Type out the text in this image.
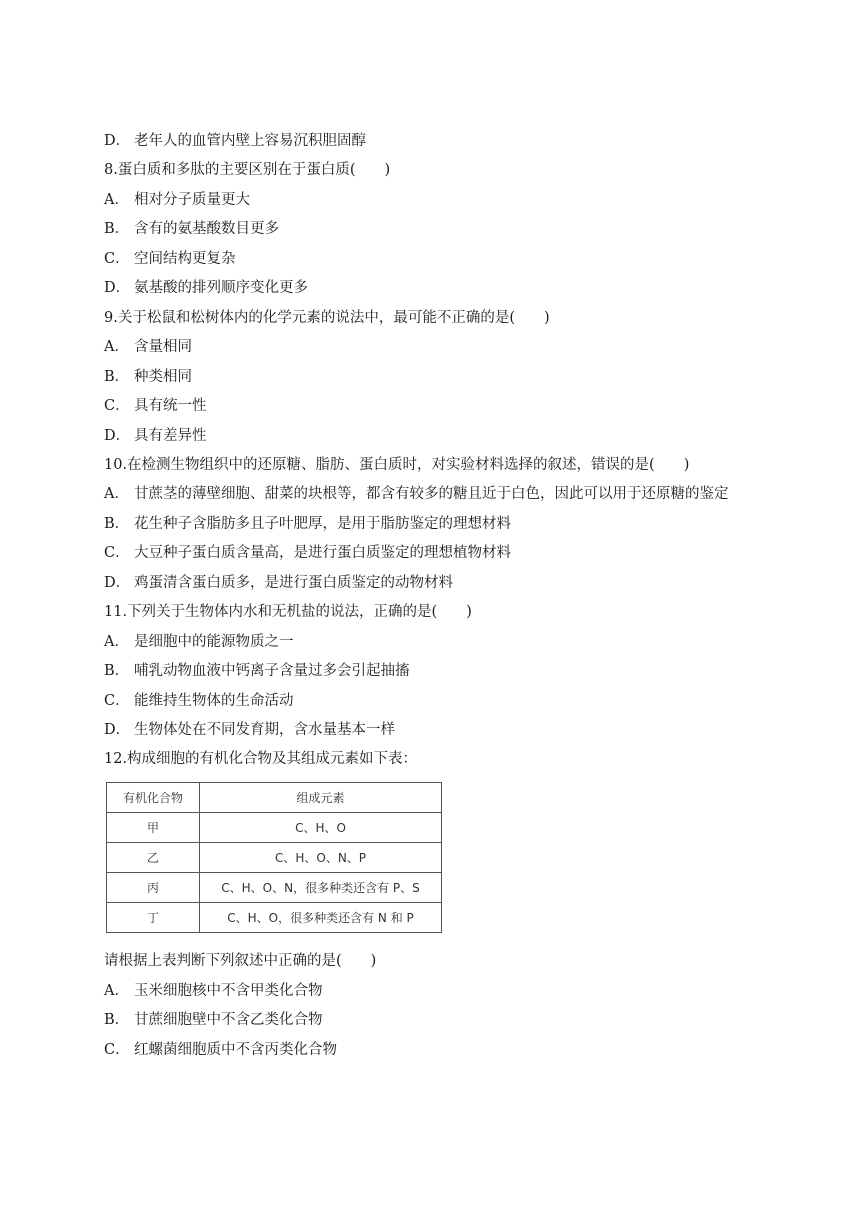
D． 老年人的血管内壁上容易沉积胆固醇
8.蛋白质和多肽的主要区别在于蛋白质(　　)
A． 相对分子质量更大
B． 含有的氨基酸数目更多
C． 空间结构更复杂
D． 氨基酸的排列顺序变化更多
9.关于松鼠和松树体内的化学元素的说法中，最可能不正确的是(　　)
A． 含量相同
B． 种类相同
C． 具有统一性
D． 具有差异性
10.在检测生物组织中的还原糖、脂肪、蛋白质时，对实验材料选择的叙述，错误的是(　　)
A． 甘蔗茎的薄壁细胞、甜菜的块根等，都含有较多的糖且近于白色，因此可以用于还原糖的鉴定
B． 花生种子含脂肪多且子叶肥厚，是用于脂肪鉴定的理想材料
C． 大豆种子蛋白质含量高，是进行蛋白质鉴定的理想植物材料
D． 鸡蛋清含蛋白质多，是进行蛋白质鉴定的动物材料
11.下列关于生物体内水和无机盐的说法，正确的是(　　)
A． 是细胞中的能源物质之一
B． 哺乳动物血液中钙离子含量过多会引起抽搐
C． 能维持生物体的生命活动
D． 生物体处在不同发育期，含水量基本一样
12.构成细胞的有机化合物及其组成元素如下表：
有机化合物	组成元素
甲	C、H、O
乙	C、H、O、N、P
丙	C、H、O、N，很多种类还含有 P、S
丁	C、H、O，很多种类还含有 N 和 P
请根据上表判断下列叙述中正确的是(　　)
A． 玉米细胞核中不含甲类化合物
B． 甘蔗细胞壁中不含乙类化合物
C． 红螺菌细胞质中不含丙类化合物
